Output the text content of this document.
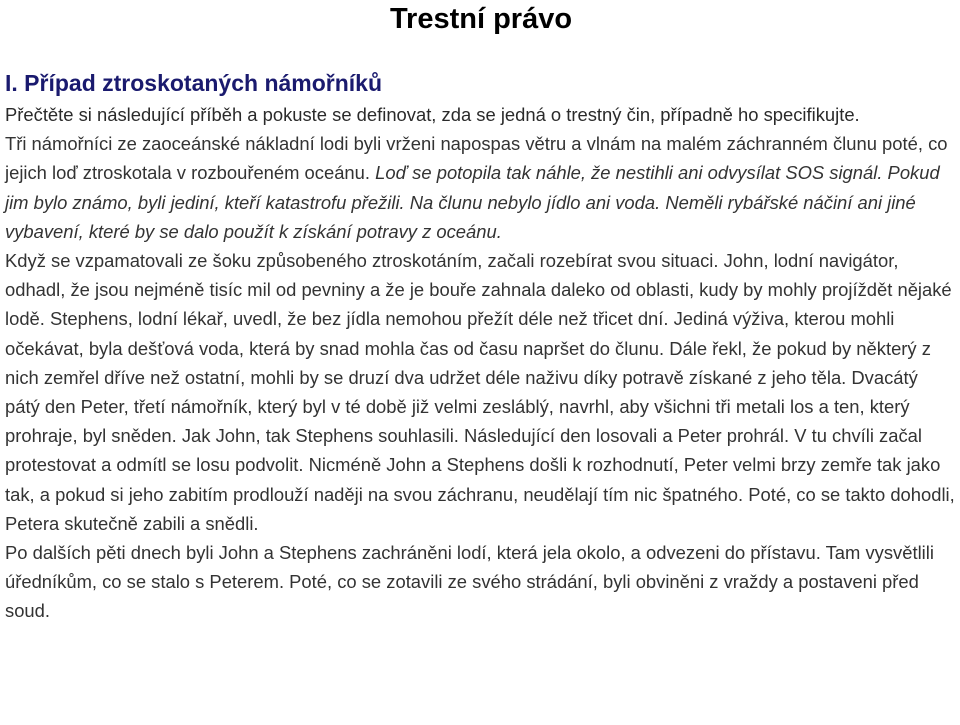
Trestní právo
I. Případ ztroskotaných námořníků

Přečtěte si následující příběh a pokuste se definovat, zda se jedná o trestný čin, případně ho specifikujte.

Tři námořníci ze zaoceánské nákladní lodi byli vrženi napospas větru a vlnám na malém záchranném člunu poté, co jejich loď ztroskotala v rozbouřeném oceánu. Loď se potopila tak náhle, že nestihli ani odvysílat SOS signál. Pokud jim bylo známo, byli jediní, kteří katastrofu přežili. Na člunu nebylo jídlo ani voda. Neměli rybářské náčiní ani jiné vybavení, které by se dalo použít k získání potravy z oceánu.

Když se vzpamatovali ze šoku způsobeného ztroskotáním, začali rozebírat svou situaci. John, lodní navigátor, odhadl, že jsou nejméně tisíc mil od pevniny a že je bouře zahnala daleko od oblasti, kudy by mohly projíždět nějaké lodě. Stephens, lodní lékař, uvedl, že bez jídla nemohou přežít déle než třicet dní. Jediná výživa, kterou mohli očekávat, byla dešťová voda, která by snad mohla čas od času napršet do člunu. Dále řekl, že pokud by některý z nich zemřel dříve než ostatní, mohli by se druzí dva udržet déle naživu díky potravě získané z jeho těla. Dvacátý pátý den Peter, třetí námořník, který byl v té době již velmi zesláblý, navrhl, aby všichni tři metali los a ten, který prohraje, byl sněden. Jak John, tak Stephens souhlasili. Následující den losovali a Peter prohrál. V tu chvíli začal protestovat a odmítl se losu podvolit. Nicméně John a Stephens došli k rozhodnutí, Peter velmi brzy zemře tak jako tak, a pokud si jeho zabitím prodlouží naději na svou záchranu, neudělají tím nic špatného. Poté, co se takto dohodli, Petera skutečně zabili a snědli.

Po dalších pěti dnech byli John a Stephens zachráněni lodí, která jela okolo, a odvezeni do přístavu. Tam vysvětlili úředníkům, co se stalo s Peterem. Poté, co se zotavili ze svého strádání, byli obviněni z vraždy a postaveni před soud.
